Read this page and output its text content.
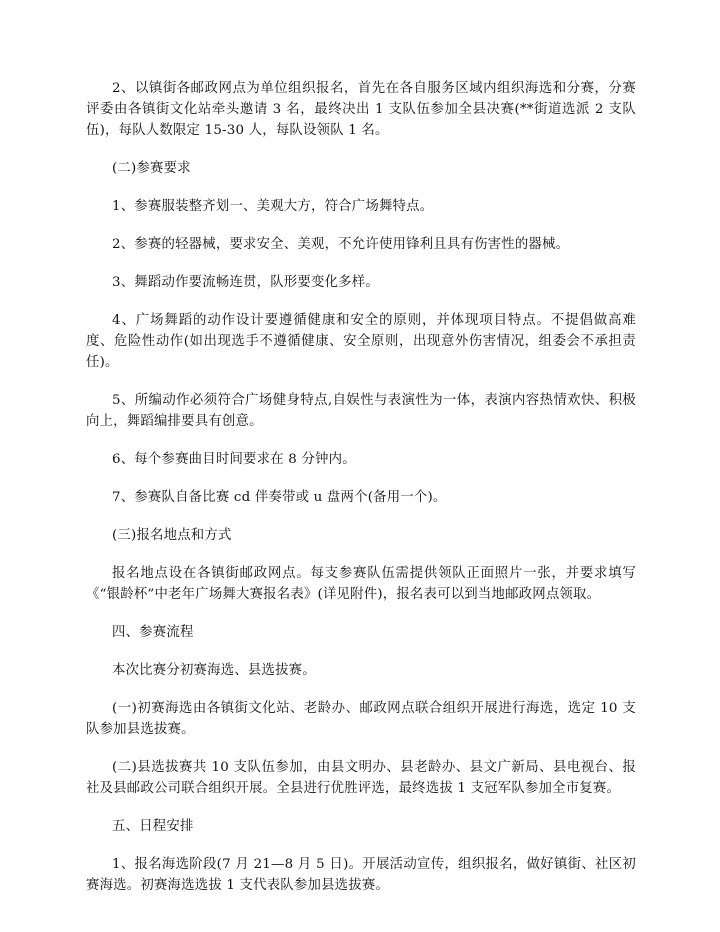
2、以镇街各邮政网点为单位组织报名，首先在各自服务区域内组织海选和分赛，分赛评委由各镇街文化站牵头邀请 3 名，最终决出 1 支队伍参加全县决赛(**街道选派 2 支队伍)，每队人数限定 15-30 人，每队设领队 1 名。

(二)参赛要求

1、参赛服装整齐划一、美观大方，符合广场舞特点。

2、参赛的轻器械，要求安全、美观，不允许使用锋利且具有伤害性的器械。

3、舞蹈动作要流畅连贯，队形要变化多样。

4、广场舞蹈的动作设计要遵循健康和安全的原则，并体现项目特点。不提倡做高难度、危险性动作(如出现选手不遵循健康、安全原则，出现意外伤害情况，组委会不承担责任)。

5、所编动作必须符合广场健身特点,自娱性与表演性为一体，表演内容热情欢快、积极向上，舞蹈编排要具有创意。

6、每个参赛曲目时间要求在 8 分钟内。

7、参赛队自备比赛 cd 伴奏带或 u 盘两个(备用一个)。

(三)报名地点和方式

报名地点设在各镇街邮政网点。每支参赛队伍需提供领队正面照片一张，并要求填写《“银龄杯”中老年广场舞大赛报名表》(详见附件)，报名表可以到当地邮政网点领取。

四、参赛流程

本次比赛分初赛海选、县选拔赛。

(一)初赛海选由各镇街文化站、老龄办、邮政网点联合组织开展进行海选，选定 10 支队参加县选拔赛。

(二)县选拔赛共 10 支队伍参加，由县文明办、县老龄办、县文广新局、县电视台、报社及县邮政公司联合组织开展。全县进行优胜评选，最终选拔 1 支冠军队参加全市复赛。

五、日程安排

1、报名海选阶段(7 月 21—8 月 5 日)。开展活动宣传，组织报名，做好镇街、社区初赛海选。初赛海选选拔 1 支代表队参加县选拔赛。
